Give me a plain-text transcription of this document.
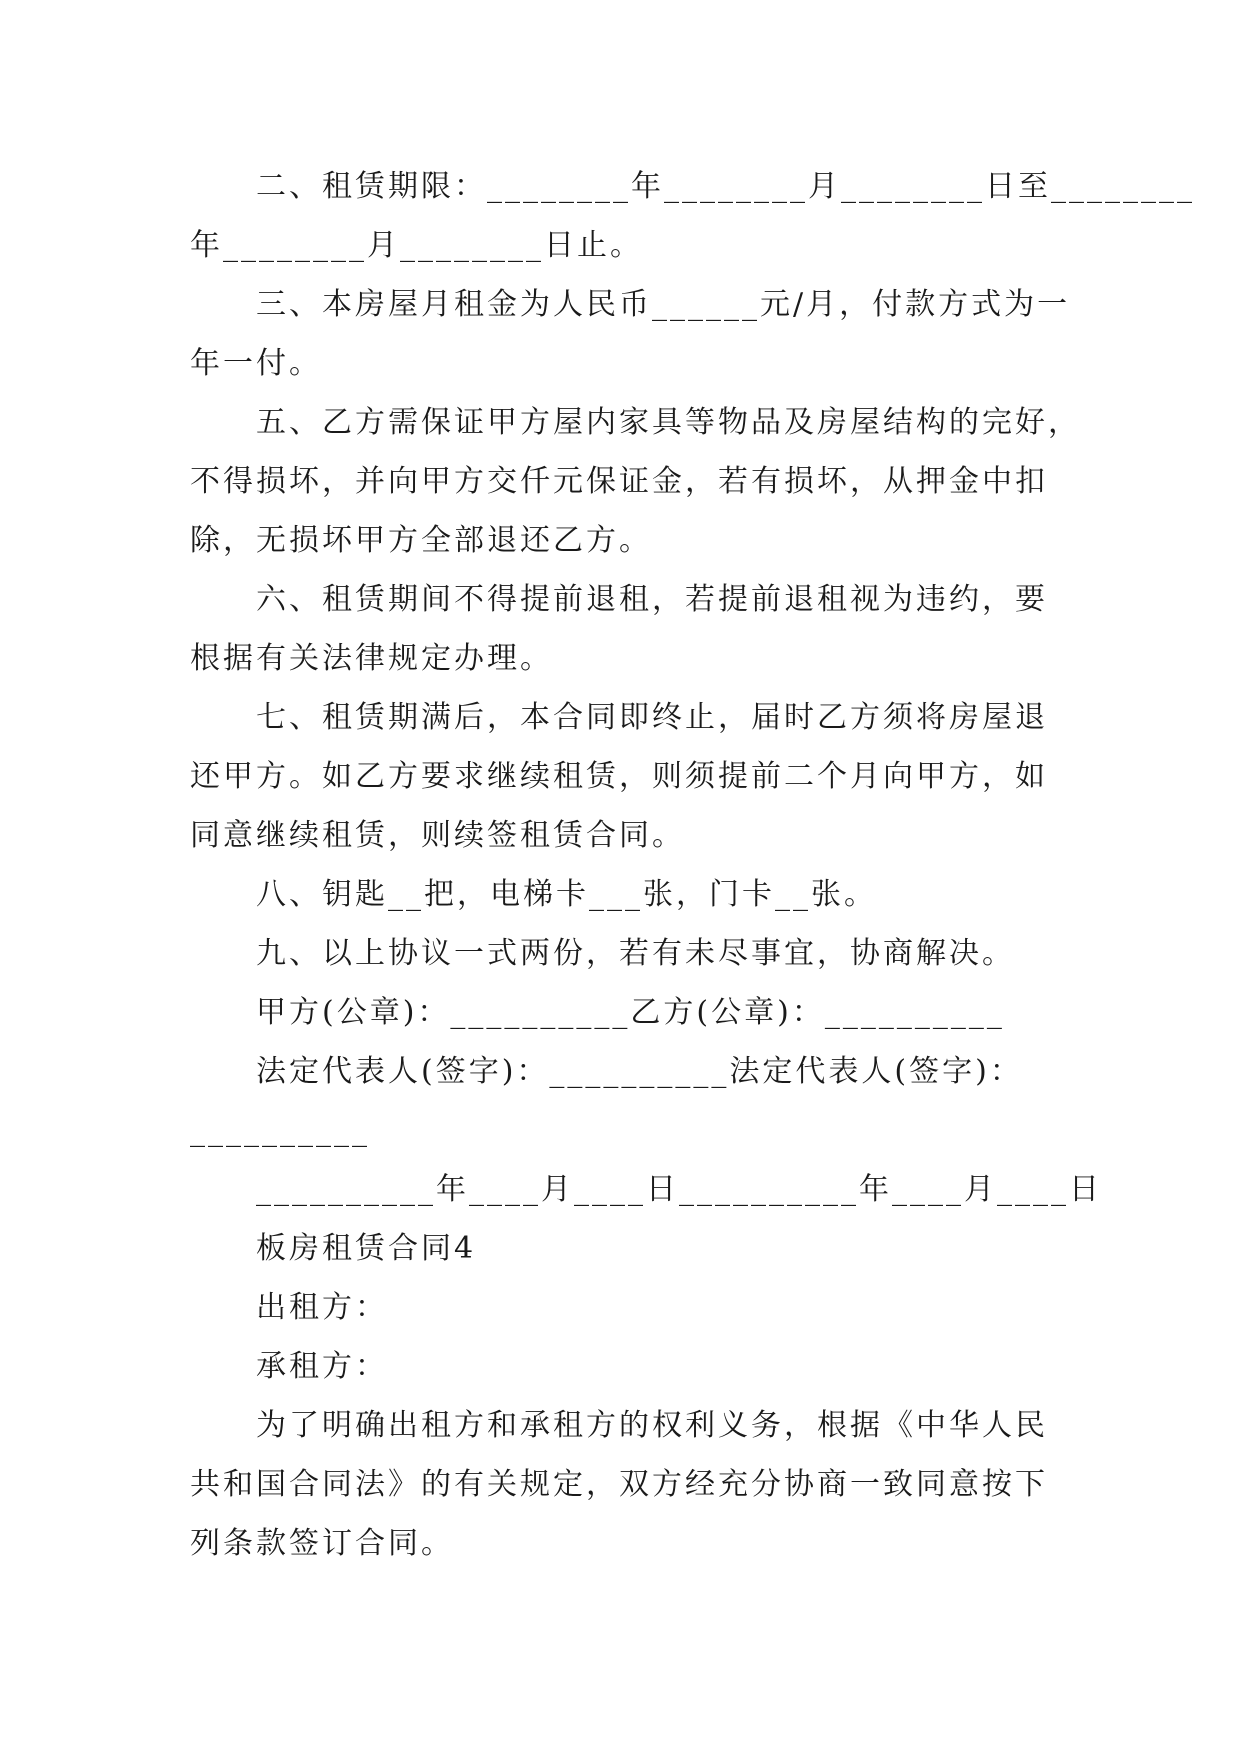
二、租赁期限：________年________月________日至________

年________月________日止。

三、本房屋月租金为人民币______元/月，付款方式为一

年一付。

五、乙方需保证甲方屋内家具等物品及房屋结构的完好，

不得损坏，并向甲方交仟元保证金，若有损坏，从押金中扣

除，无损坏甲方全部退还乙方。

六、租赁期间不得提前退租，若提前退租视为违约，要

根据有关法律规定办理。

七、租赁期满后，本合同即终止，届时乙方须将房屋退

还甲方。如乙方要求继续租赁，则须提前二个月向甲方，如

同意继续租赁，则续签租赁合同。

八、钥匙__把，电梯卡___张，门卡__张。

九、以上协议一式两份，若有未尽事宜，协商解决。

甲方(公章)：__________乙方(公章)：__________

法定代表人(签字)：__________法定代表人(签字)：

__________

__________年____月____日__________年____月____日

板房租赁合同4

出租方：

承租方：

为了明确出租方和承租方的权利义务，根据《中华人民

共和国合同法》的有关规定，双方经充分协商一致同意按下

列条款签订合同。
